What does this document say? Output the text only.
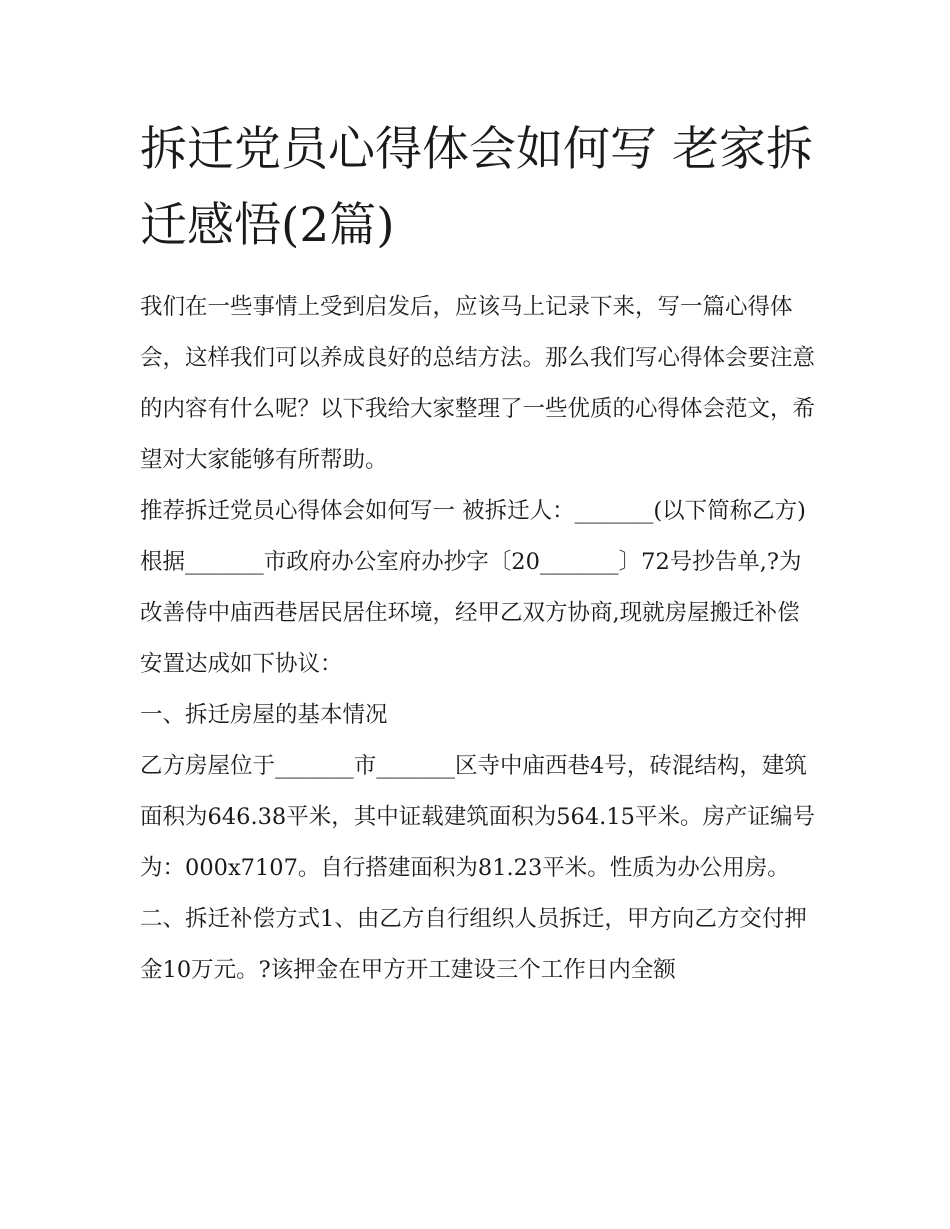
拆迁党员心得体会如何写 老家拆迁感悟(2篇)

我们在一些事情上受到启发后，应该马上记录下来，写一篇心得体会，这样我们可以养成良好的总结方法。那么我们写心得体会要注意的内容有什么呢？以下我给大家整理了一些优质的心得体会范文，希望对大家能够有所帮助。

推荐拆迁党员心得体会如何写一 被拆迁人：_______(以下简称乙方)

根据_______市政府办公室府办抄字〔20_______〕72号抄告单,?为改善侍中庙西巷居民居住环境，经甲乙双方协商,现就房屋搬迁补偿安置达成如下协议：

一、拆迁房屋的基本情况

乙方房屋位于_______市_______区寺中庙西巷4号，砖混结构，建筑面积为646.38平米，其中证载建筑面积为564.15平米。房产证编号为：000x7107。自行搭建面积为81.23平米。性质为办公用房。

二、拆迁补偿方式1、由乙方自行组织人员拆迁，甲方向乙方交付押金10万元。?该押金在甲方开工建设三个工作日内全额
